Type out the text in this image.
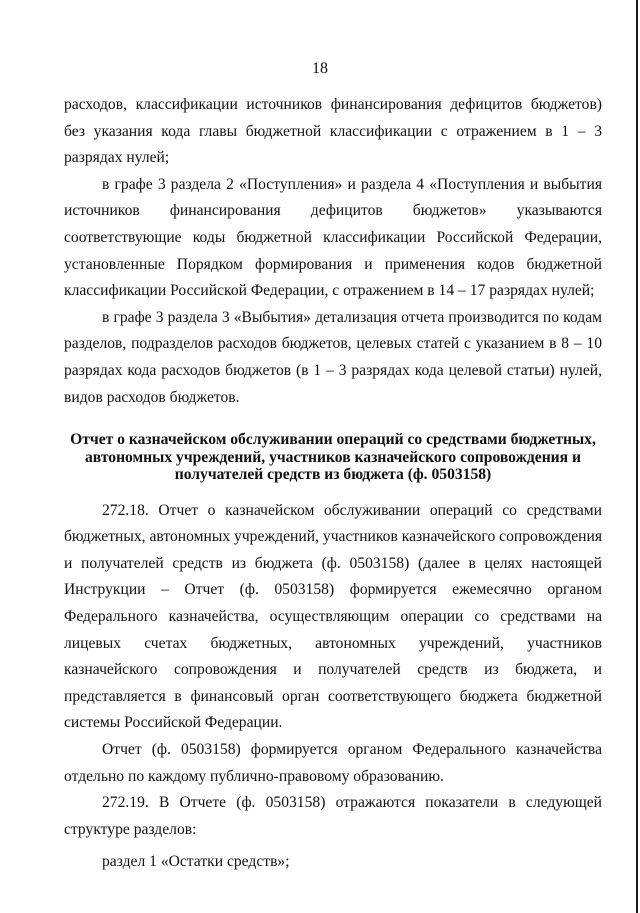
18

расходов, классификации источников финансирования дефицитов бюджетов) без указания кода главы бюджетной классификации с отражением в 1 – 3 разрядах нулей;

в графе 3 раздела 2 «Поступления» и раздела 4 «Поступления и выбытия источников финансирования дефицитов бюджетов» указываются соответствующие коды бюджетной классификации Российской Федерации, установленные Порядком формирования и применения кодов бюджетной классификации Российской Федерации, с отражением в 14 – 17 разрядах нулей;

в графе 3 раздела 3 «Выбытия» детализация отчета производится по кодам разделов, подразделов расходов бюджетов, целевых статей с указанием в 8 – 10 разрядах кода расходов бюджетов (в 1 – 3 разрядах кода целевой статьи) нулей, видов расходов бюджетов.

Отчет о казначейском обслуживании операций со средствами бюджетных, автономных учреждений, участников казначейского сопровождения и получателей средств из бюджета (ф. 0503158)

272.18. Отчет о казначейском обслуживании операций со средствами бюджетных, автономных учреждений, участников казначейского сопровождения и получателей средств из бюджета (ф. 0503158) (далее в целях настоящей Инструкции – Отчет (ф. 0503158) формируется ежемесячно органом Федерального казначейства, осуществляющим операции со средствами на лицевых счетах бюджетных, автономных учреждений, участников казначейского сопровождения и получателей средств из бюджета, и представляется в финансовый орган соответствующего бюджета бюджетной системы Российской Федерации.

Отчет (ф. 0503158) формируется органом Федерального казначейства отдельно по каждому публично-правовому образованию.

272.19. В Отчете (ф. 0503158) отражаются показатели в следующей структуре разделов:

раздел 1 «Остатки средств»;
